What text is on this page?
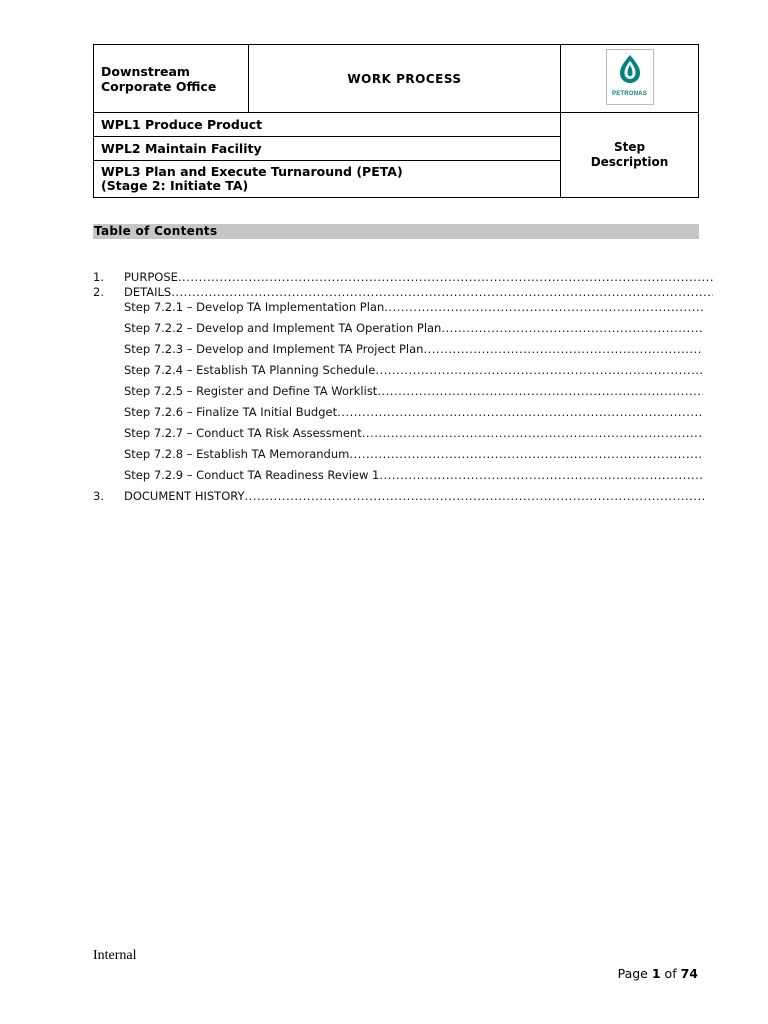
Downstream
Corporate Office	WORK PROCESS	PETRONAS

WPL1 Produce Product		Step
Description

WPL2 Maintain Facility		

WPL3 Plan and Execute Turnaround (PETA)
(Stage 2: Initiate TA)		
Table of Contents
1. PURPOSE .....
2. DETAILS .....
Step 7.2.1 – Develop TA Implementation Plan .....
Step 7.2.2 – Develop and Implement TA Operation Plan .....
Step 7.2.3 – Develop and Implement TA Project Plan .....
Step 7.2.4 – Establish TA Planning Schedule .....
Step 7.2.5 – Register and Define TA Worklist .....
Step 7.2.6 – Finalize TA Initial Budget .....
Step 7.2.7 – Conduct TA Risk Assessment .....
Step 7.2.8 – Establish TA Memorandum .....
Step 7.2.9 – Conduct TA Readiness Review 1 .....
3. DOCUMENT HISTORY .....
Internal
Page 1 of 74
